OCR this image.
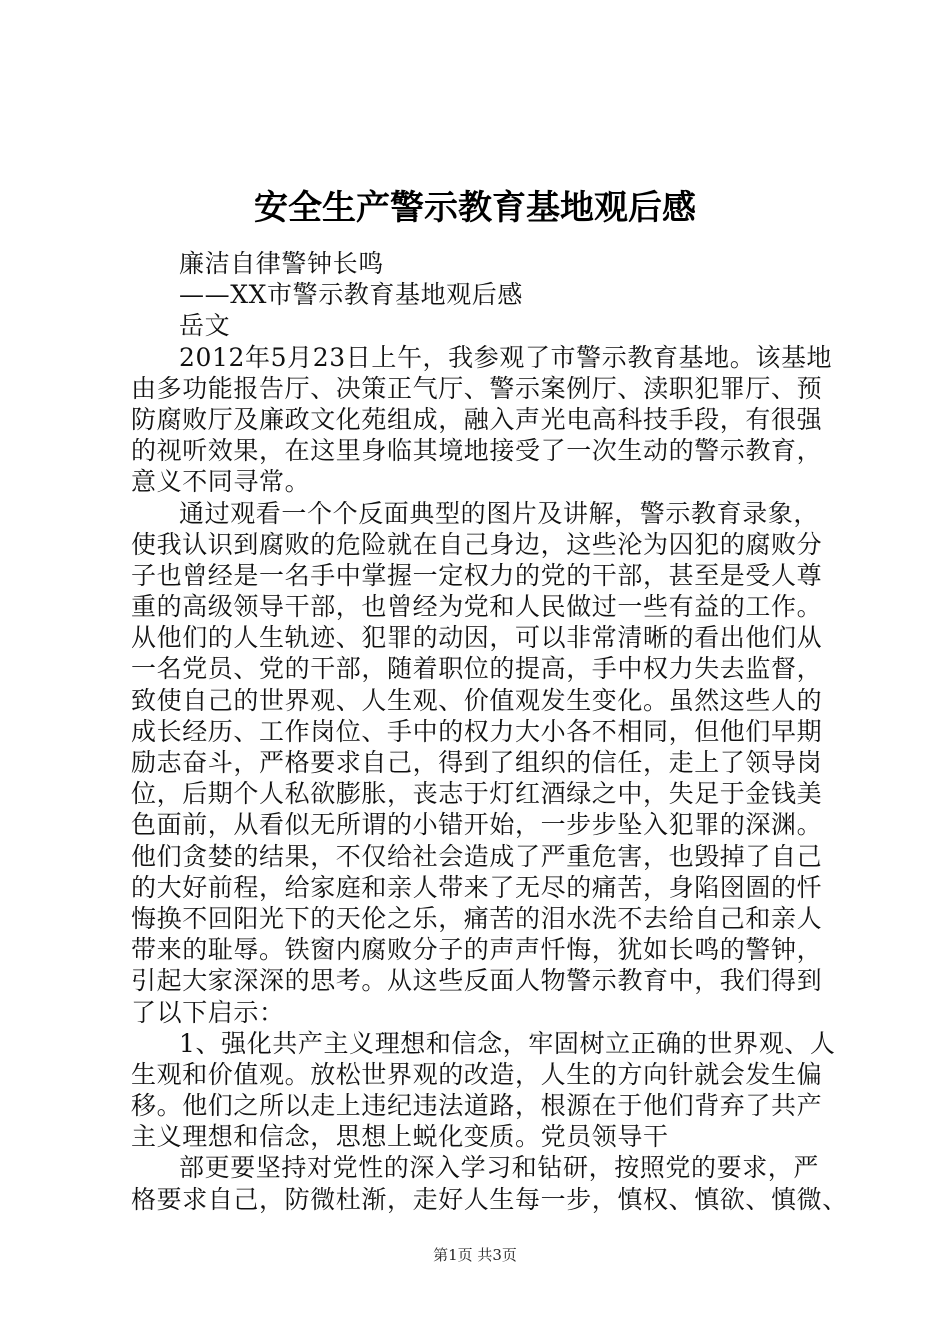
安全生产警示教育基地观后感
廉洁自律警钟长鸣
——XX市警示教育基地观后感
岳文
2012年5月23日上午，我参观了市警示教育基地。该基地
由多功能报告厅、决策正气厅、警示案例厅、渎职犯罪厅、预
防腐败厅及廉政文化苑组成，融入声光电高科技手段，有很强
的视听效果，在这里身临其境地接受了一次生动的警示教育，
意义不同寻常。
通过观看一个个反面典型的图片及讲解，警示教育录象，
使我认识到腐败的危险就在自己身边，这些沦为囚犯的腐败分
子也曾经是一名手中掌握一定权力的党的干部，甚至是受人尊
重的高级领导干部，也曾经为党和人民做过一些有益的工作。
从他们的人生轨迹、犯罪的动因，可以非常清晰的看出他们从
一名党员、党的干部，随着职位的提高，手中权力失去监督，
致使自己的世界观、人生观、价值观发生变化。虽然这些人的
成长经历、工作岗位、手中的权力大小各不相同，但他们早期
励志奋斗，严格要求自己，得到了组织的信任，走上了领导岗
位，后期个人私欲膨胀，丧志于灯红酒绿之中，失足于金钱美
色面前，从看似无所谓的小错开始，一步步坠入犯罪的深渊。
他们贪婪的结果，不仅给社会造成了严重危害，也毁掉了自己
的大好前程，给家庭和亲人带来了无尽的痛苦，身陷囹圄的忏
悔换不回阳光下的天伦之乐，痛苦的泪水洗不去给自己和亲人
带来的耻辱。铁窗内腐败分子的声声忏悔，犹如长鸣的警钟，
引起大家深深的思考。从这些反面人物警示教育中，我们得到
了以下启示：
1、强化共产主义理想和信念，牢固树立正确的世界观、人
生观和价值观。放松世界观的改造，人生的方向针就会发生偏
移。他们之所以走上违纪违法道路，根源在于他们背弃了共产
主义理想和信念，思想上蜕化变质。党员领导干
部更要坚持对党性的深入学习和钻研，按照党的要求，严
格要求自己，防微杜渐，走好人生每一步，慎权、慎欲、慎微、
第1页 共3页
